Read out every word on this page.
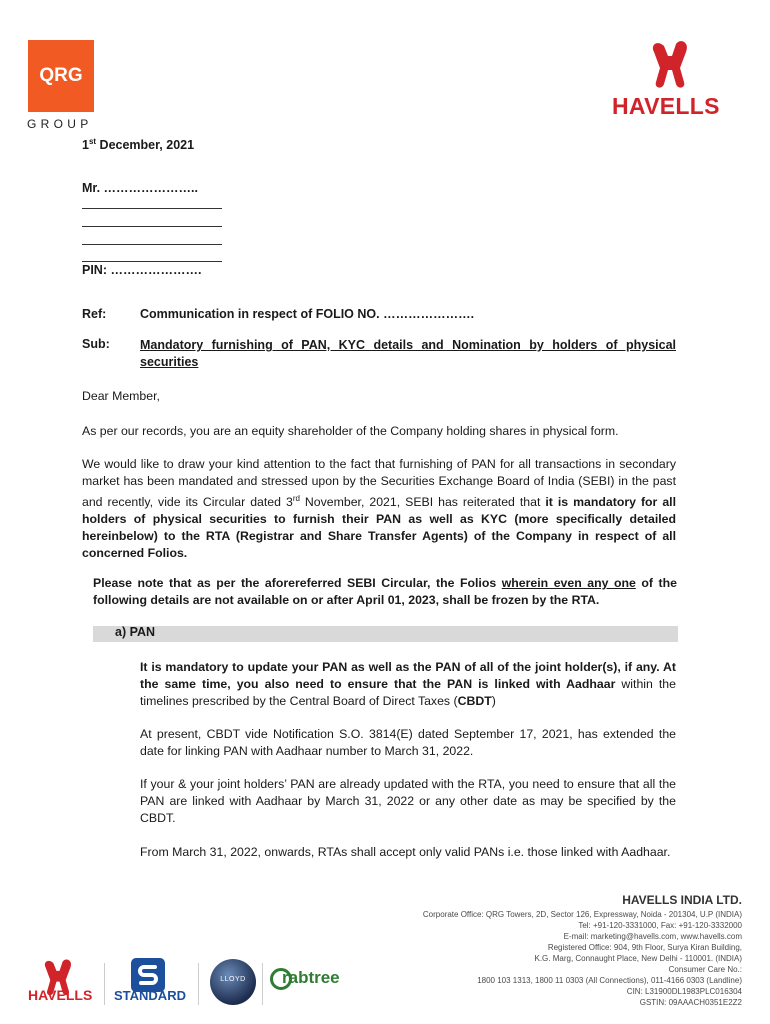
QRG
GROUP
HAVELLS
1st December, 2021
Mr. …………………..
PIN: ………………….
Ref:	Communication in respect of FOLIO NO. ………………….
Sub: Mandatory furnishing of PAN, KYC details and Nomination by holders of physical securities
Dear Member,
As per our records, you are an equity shareholder of the Company holding shares in physical form.
We would like to draw your kind attention to the fact that furnishing of PAN for all transactions in secondary market has been mandated and stressed upon by the Securities Exchange Board of India (SEBI) in the past and recently, vide its Circular dated 3rd November, 2021, SEBI has reiterated that it is mandatory for all holders of physical securities to furnish their PAN as well as KYC (more specifically detailed hereinbelow) to the RTA (Registrar and Share Transfer Agents) of the Company in respect of all concerned Folios.
Please note that as per the aforereferred SEBI Circular, the Folios wherein even any one of the following details are not available on or after April 01, 2023, shall be frozen by the RTA.
a) PAN
It is mandatory to update your PAN as well as the PAN of all of the joint holder(s), if any. At the same time, you also need to ensure that the PAN is linked with Aadhaar within the timelines prescribed by the Central Board of Direct Taxes (CBDT)
At present, CBDT vide Notification S.O. 3814(E) dated September 17, 2021, has extended the date for linking PAN with Aadhaar number to March 31, 2022.
If your & your joint holders’ PAN are already updated with the RTA, you need to ensure that all the PAN are linked with Aadhaar by March 31, 2022 or any other date as may be specified by the CBDT.
From March 31, 2022, onwards, RTAs shall accept only valid PANs i.e. those linked with Aadhaar.
HAVELLS INDIA LTD.
Corporate Office: QRG Towers, 2D, Sector 126, Expressway, Noida - 201304, U.P (INDIA)
Tel: +91-120-3331000, Fax: +91-120-3332000
E-mail: marketing@havells.com, www.havells.com
Registered Office: 904, 9th Floor, Surya Kiran Building,
K.G. Marg, Connaught Place, New Delhi - 110001. (INDIA)
Consumer Care No.:
1800 103 1313, 1800 11 0303 (All Connections), 011-4166 0303 (Landline)
CIN: L31900DL1983PLC016304
GSTIN: 09AAACH0351E2Z2
HAVELLS STANDARD
LLOYD	rabtree
